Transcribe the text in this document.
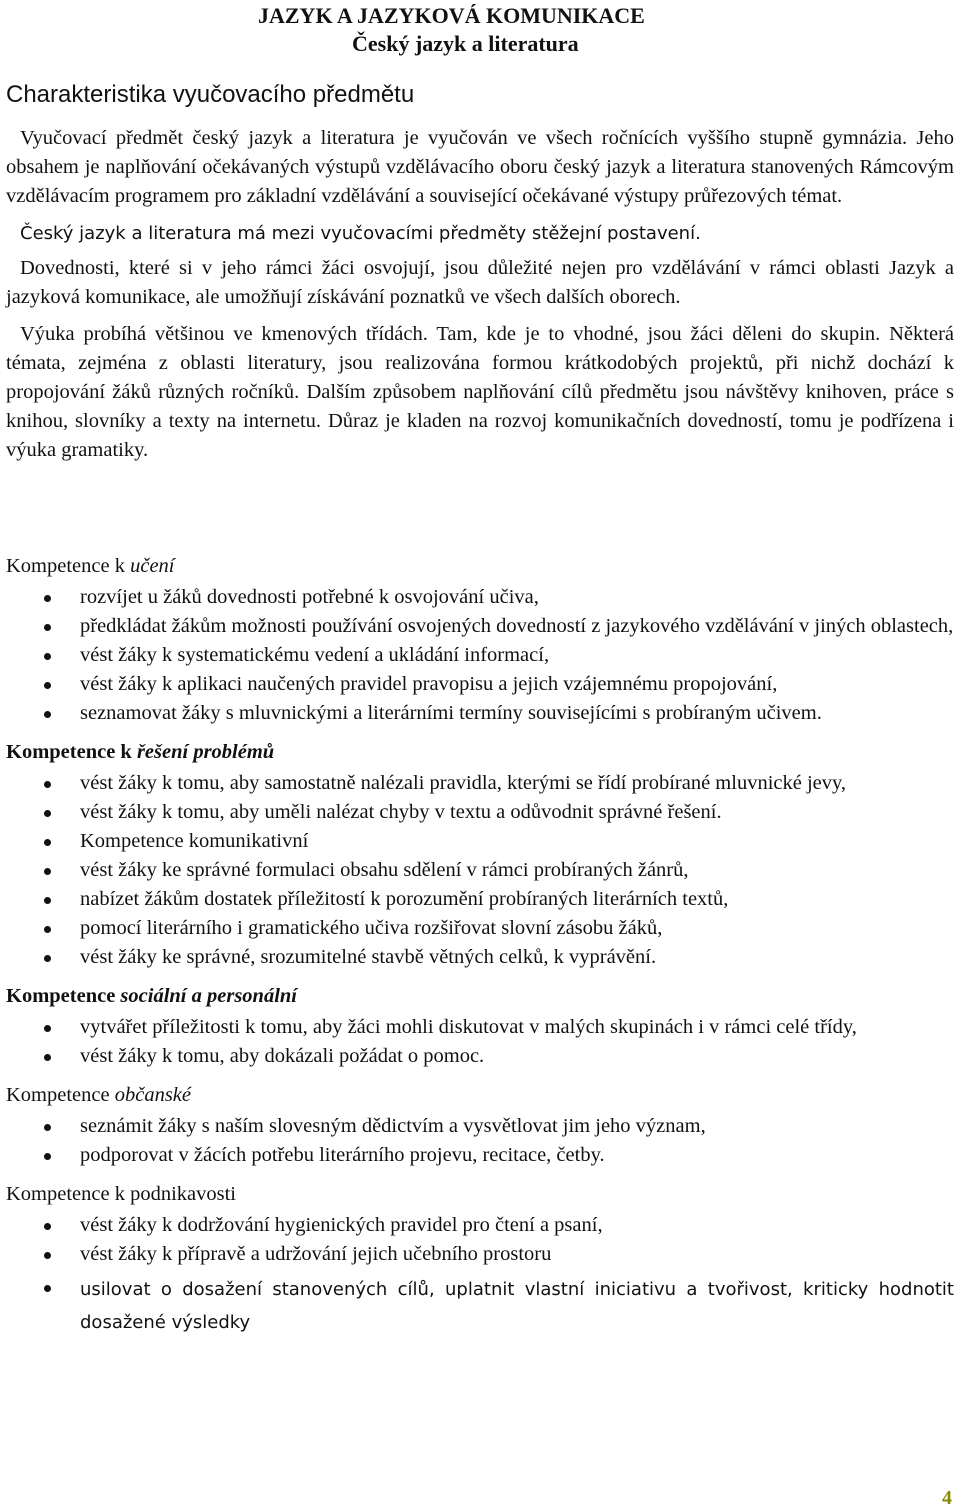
JAZYK A JAZYKOVÁ KOMUNIKACE
Český jazyk a literatura
Charakteristika vyučovacího předmětu

Vyučovací předmět český jazyk a literatura je vyučován ve všech ročnících vyššího stupně gymnázia. Jeho obsahem je naplňování očekávaných výstupů vzdělávacího oboru český jazyk a literatura stanovených Rámcovým vzdělávacím programem pro základní vzdělávání a související očekávané výstupy průřezových témat.

Český jazyk a literatura má mezi vyučovacími předměty stěžejní postavení.

Dovednosti, které si v jeho rámci žáci osvojují, jsou důležité nejen pro vzdělávání v rámci oblasti Jazyk a jazyková komunikace, ale umožňují získávání poznatků ve všech dalších oborech.

Výuka probíhá většinou ve kmenových třídách. Tam, kde je to vhodné, jsou žáci děleni do skupin. Některá témata, zejména z oblasti literatury, jsou realizována formou krátkodobých projektů, při nichž dochází k propojování žáků různých ročníků. Dalším způsobem naplňování cílů předmětu jsou návštěvy knihoven, práce s knihou, slovníky a texty na internetu. Důraz je kladen na rozvoj komunikačních dovedností, tomu je podřízena i výuka gramatiky.

Kompetence k učení
rozvíjet u žáků dovednosti potřebné k osvojování učiva,
předkládat žákům možnosti používání osvojených dovedností z jazykového vzdělávání v jiných oblastech,
vést žáky k systematickému vedení a ukládání informací,
vést žáky k aplikaci naučených pravidel pravopisu a jejich vzájemnému propojování,
seznamovat žáky s mluvnickými a literárními termíny souvisejícími s probíraným učivem.
Kompetence k řešení problémů
vést žáky k tomu, aby samostatně nalézali pravidla, kterými se řídí probírané mluvnické jevy,
vést žáky k tomu, aby uměli nalézat chyby v textu a odůvodnit správné řešení.
Kompetence komunikativní
vést žáky ke správné formulaci obsahu sdělení v rámci probíraných žánrů,
nabízet žákům dostatek příležitostí k porozumění probíraných literárních textů,
pomocí literárního i gramatického učiva rozšiřovat slovní zásobu žáků,
vést žáky ke správné, srozumitelné stavbě větných celků, k vyprávění.
Kompetence sociální a personální
vytvářet příležitosti k tomu, aby žáci mohli diskutovat v malých skupinách i v rámci celé třídy,
vést žáky k tomu, aby dokázali požádat o pomoc.
Kompetence občanské
seznámit žáky s naším slovesným dědictvím a vysvětlovat jim jeho význam,
podporovat v žácích potřebu literárního projevu, recitace, četby.
Kompetence k podnikavosti
vést žáky k dodržování hygienických pravidel pro čtení a psaní,
vést žáky k přípravě a udržování jejich učebního prostoru
usilovat o dosažení stanovených cílů, uplatnit vlastní iniciativu a tvořivost, kriticky hodnotit dosažené výsledky
4
